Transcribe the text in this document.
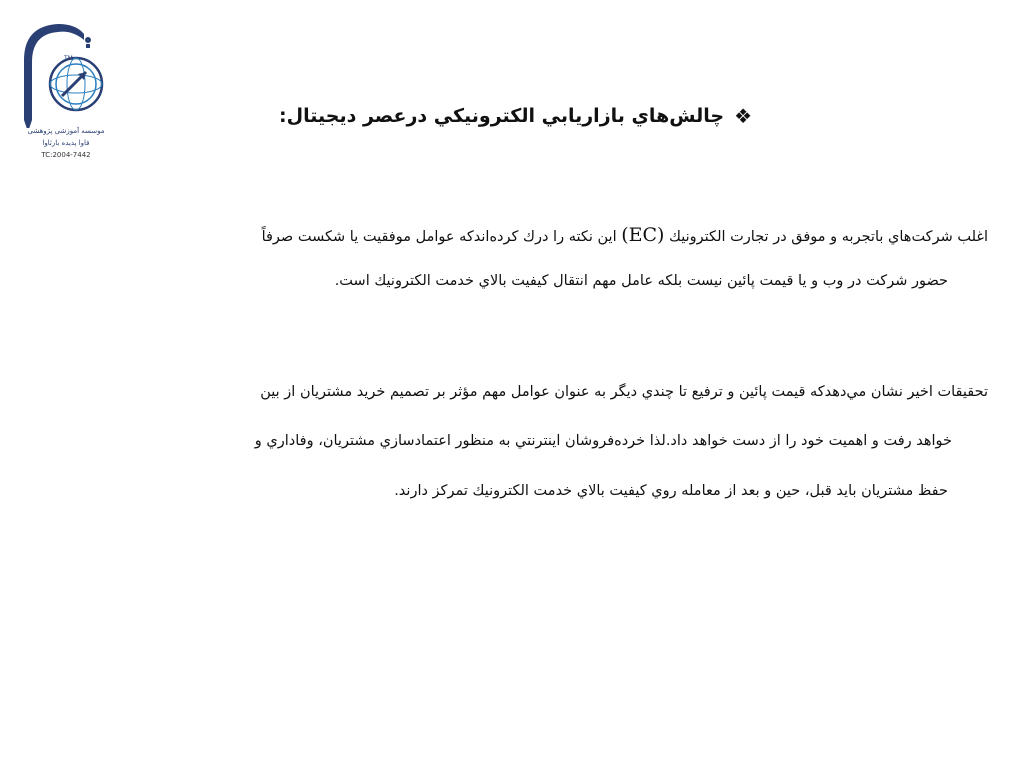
TM
موسسه آموزشی پژوهشی
فاوا پدیده بارثاوا
TC:2004-7442
❖
چالش‌هاي بازاريابي الكترونيكي درعصر ديجيتال:
اغلب شركت‌هاي باتجربه و موفق در تجارت الكترونيك (EC) اين نكته را درك كرده‌اندكه عوامل موفقيت يا شكست صرفاً
حضور شركت در وب و يا قيمت پائين نيست بلكه عامل مهم انتقال كيفيت بالاي خدمت الكترونيك است.
تحقيقات اخير نشان مي‌دهدكه قيمت پائين و ترفيع تا چندي ديگر به عنوان عوامل مهم مؤثر بر تصميم خريد مشتريان از بين
خواهد رفت و اهميت خود را از دست خواهد داد.لذا خرده‌فروشان اينترنتي به منظور اعتمادسازي مشتريان، وفاداري و
حفظ مشتريان بايد قبل، حين و بعد از معامله روي كيفيت بالاي خدمت الكترونيك تمركز دارند.
